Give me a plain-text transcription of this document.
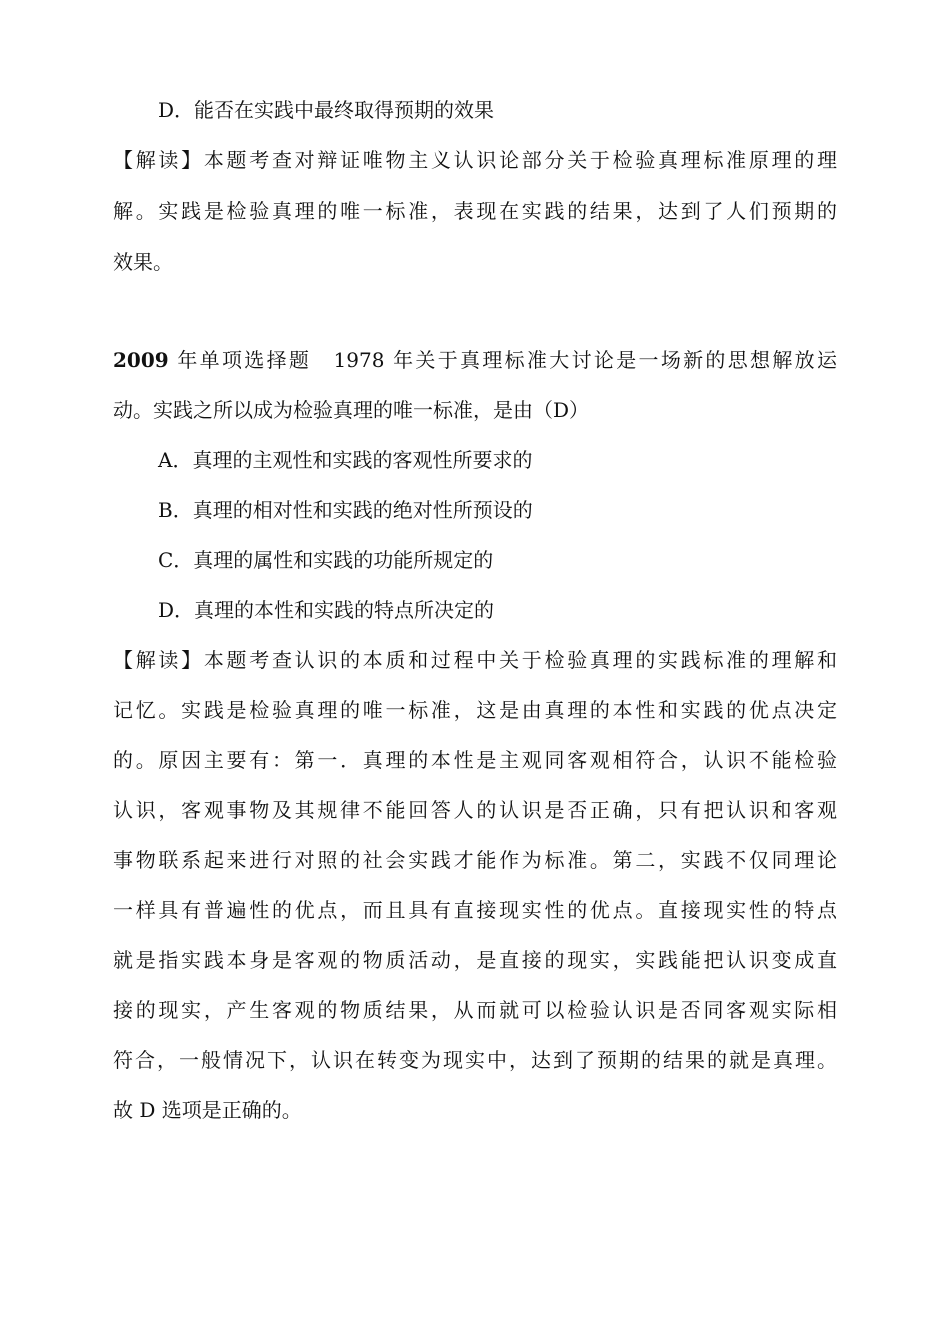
D．能否在实践中最终取得预期的效果
【解读】本题考查对辩证唯物主义认识论部分关于检验真理标准原理的理
解。实践是检验真理的唯一标准，表现在实践的结果，达到了人们预期的
效果。
2009 年单项选择题　1978 年关于真理标准大讨论是一场新的思想解放运
动。实践之所以成为检验真理的唯一标准，是由（D）
A．真理的主观性和实践的客观性所要求的
B．真理的相对性和实践的绝对性所预设的
C．真理的属性和实践的功能所规定的
D．真理的本性和实践的特点所决定的
【解读】本题考查认识的本质和过程中关于检验真理的实践标准的理解和
记忆。实践是检验真理的唯一标准，这是由真理的本性和实践的优点决定
的。原因主要有：第一．真理的本性是主观同客观相符合，认识不能检验
认识，客观事物及其规律不能回答人的认识是否正确，只有把认识和客观
事物联系起来进行对照的社会实践才能作为标准。第二，实践不仅同理论
一样具有普遍性的优点，而且具有直接现实性的优点。直接现实性的特点
就是指实践本身是客观的物质活动，是直接的现实，实践能把认识变成直
接的现实，产生客观的物质结果，从而就可以检验认识是否同客观实际相
符合，一般情况下，认识在转变为现实中，达到了预期的结果的就是真理。
故 D 选项是正确的。
